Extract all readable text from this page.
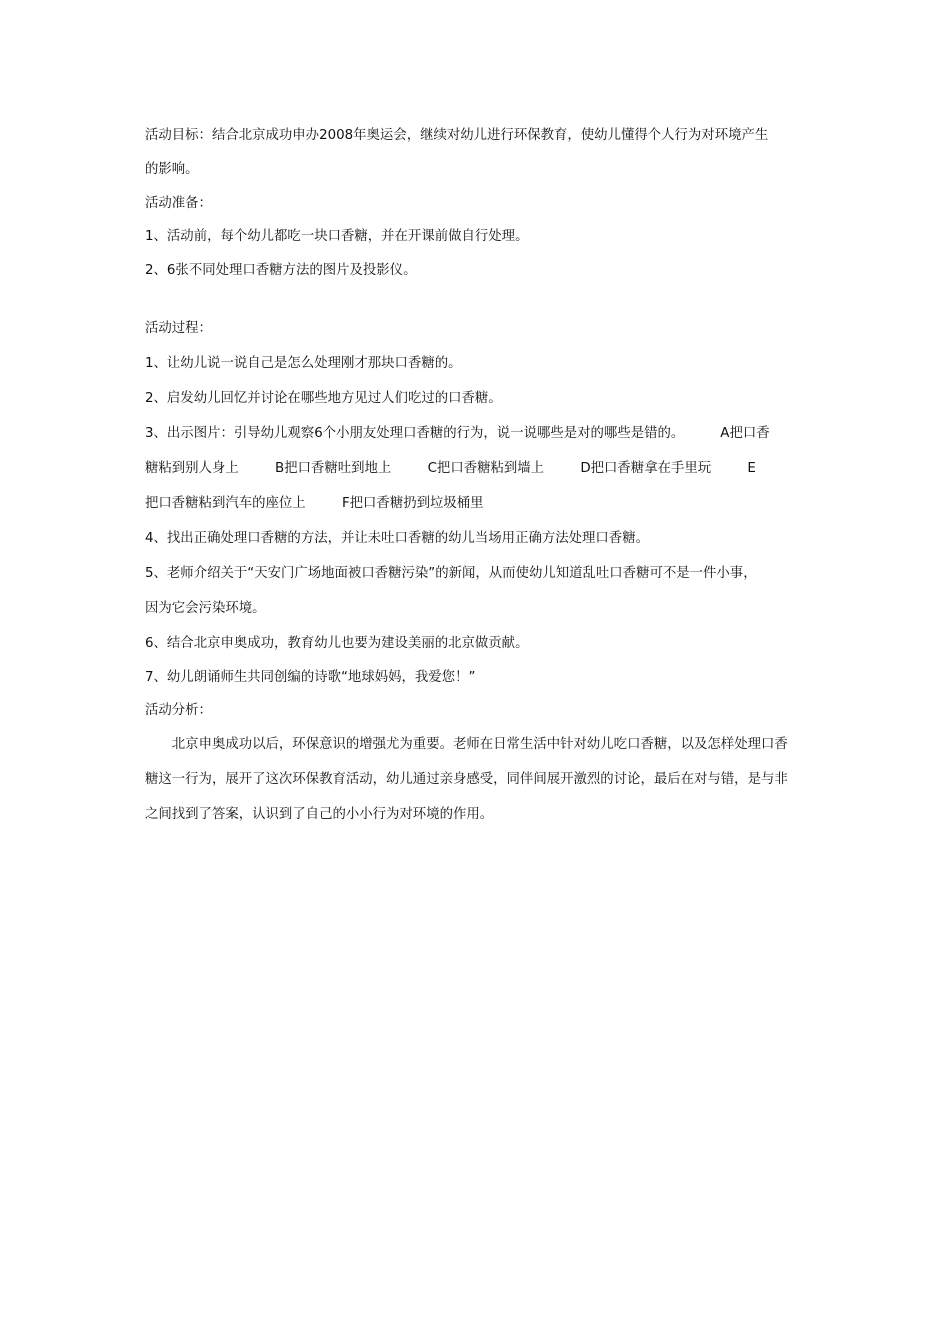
活动目标：结合北京成功申办2008年奥运会，继续对幼儿进行环保教育，使幼儿懂得个人行为对环境产生

的影响。

活动准备：

1、活动前，每个幼儿都吃一块口香糖，并在开课前做自行处理。

2、6张不同处理口香糖方法的图片及投影仪。

活动过程：

1、让幼儿说一说自己是怎么处理刚才那块口香糖的。

2、启发幼儿回忆并讨论在哪些地方见过人们吃过的口香糖。

3、出示图片：引导幼儿观察6个小朋友处理口香糖的行为，说一说哪些是对的哪些是错的。	A把口香

糖粘到别人身上	B把口香糖吐到地上	C把口香糖粘到墙上	D把口香糖拿在手里玩	E

把口香糖粘到汽车的座位上	F把口香糖扔到垃圾桶里

4、找出正确处理口香糖的方法，并让未吐口香糖的幼儿当场用正确方法处理口香糖。

5、老师介绍关于“天安门广场地面被口香糖污染”的新闻，从而使幼儿知道乱吐口香糖可不是一件小事，

因为它会污染环境。

6、结合北京申奥成功，教育幼儿也要为建设美丽的北京做贡献。

7、幼儿朗诵师生共同创编的诗歌“地球妈妈，我爱您！”

活动分析：

北京申奥成功以后，环保意识的增强尤为重要。老师在日常生活中针对幼儿吃口香糖，以及怎样处理口香

糖这一行为，展开了这次环保教育活动，幼儿通过亲身感受，同伴间展开激烈的讨论，最后在对与错，是与非

之间找到了答案，认识到了自己的小小行为对环境的作用。
